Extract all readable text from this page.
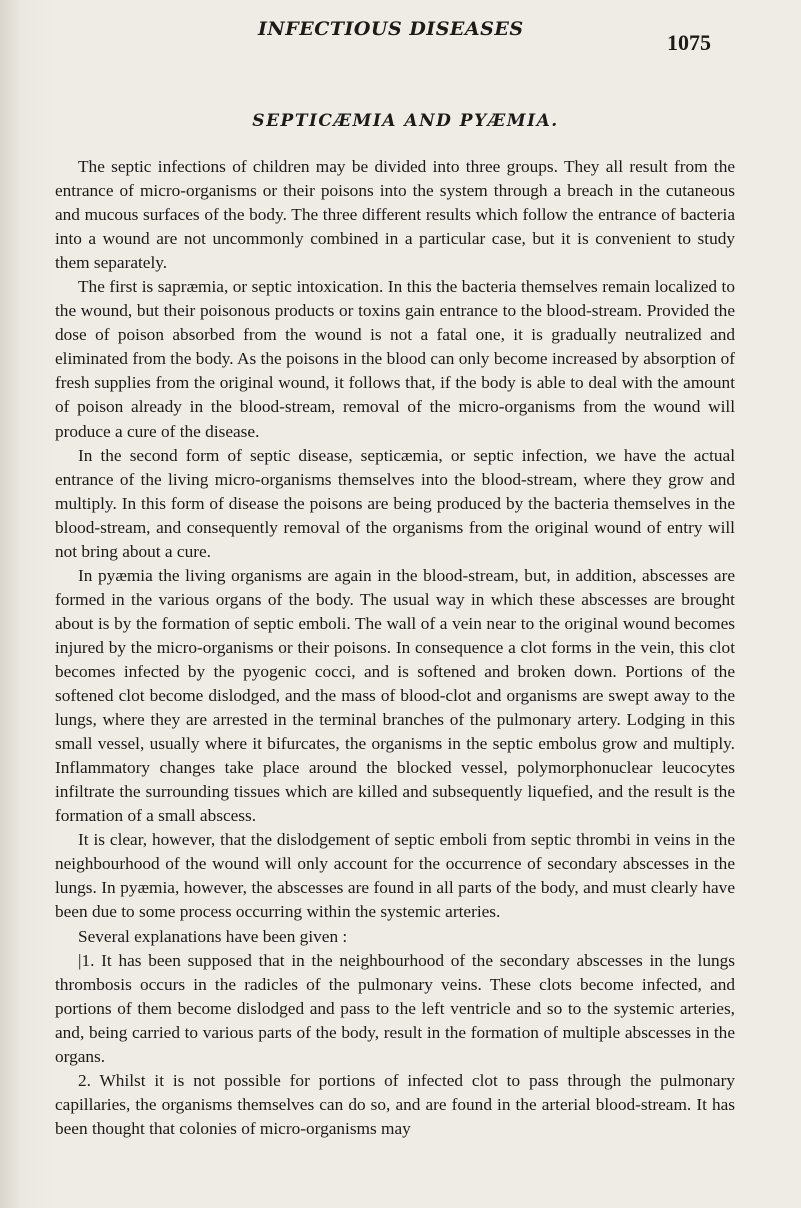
INFECTIOUS DISEASES
1075
SEPTICÆMIA AND PYÆMIA.

The septic infections of children may be divided into three groups. They all result from the entrance of micro-organisms or their poisons into the system through a breach in the cutaneous and mucous surfaces of the body. The three different results which follow the entrance of bacteria into a wound are not uncommonly combined in a particular case, but it is convenient to study them separately.

The first is sapræmia, or septic intoxication. In this the bacteria themselves remain localized to the wound, but their poisonous products or toxins gain entrance to the blood-stream. Provided the dose of poison absorbed from the wound is not a fatal one, it is gradually neutralized and eliminated from the body. As the poisons in the blood can only become increased by absorption of fresh supplies from the original wound, it follows that, if the body is able to deal with the amount of poison already in the blood-stream, removal of the micro-organisms from the wound will produce a cure of the disease.

In the second form of septic disease, septicæmia, or septic infection, we have the actual entrance of the living micro-organisms themselves into the blood-stream, where they grow and multiply. In this form of disease the poisons are being produced by the bacteria themselves in the blood-stream, and consequently removal of the organisms from the original wound of entry will not bring about a cure.

In pyæmia the living organisms are again in the blood-stream, but, in addition, abscesses are formed in the various organs of the body. The usual way in which these abscesses are brought about is by the formation of septic emboli. The wall of a vein near to the original wound becomes injured by the micro-organisms or their poisons. In consequence a clot forms in the vein, this clot becomes infected by the pyogenic cocci, and is softened and broken down. Portions of the softened clot become dislodged, and the mass of blood-clot and organisms are swept away to the lungs, where they are arrested in the terminal branches of the pulmonary artery. Lodging in this small vessel, usually where it bifurcates, the organisms in the septic embolus grow and multiply. Inflammatory changes take place around the blocked vessel, polymorphonuclear leucocytes infiltrate the surrounding tissues which are killed and subsequently liquefied, and the result is the formation of a small abscess.

It is clear, however, that the dislodgement of septic emboli from septic thrombi in veins in the neighbourhood of the wound will only account for the occurrence of secondary abscesses in the lungs. In pyæmia, however, the abscesses are found in all parts of the body, and must clearly have been due to some process occurring within the systemic arteries.

Several explanations have been given :

|1. It has been supposed that in the neighbourhood of the secondary abscesses in the lungs thrombosis occurs in the radicles of the pulmonary veins. These clots become infected, and portions of them become dislodged and pass to the left ventricle and so to the systemic arteries, and, being carried to various parts of the body, result in the formation of multiple abscesses in the organs.

2. Whilst it is not possible for portions of infected clot to pass through the pulmonary capillaries, the organisms themselves can do so, and are found in the arterial blood-stream. It has been thought that colonies of micro-organisms may
